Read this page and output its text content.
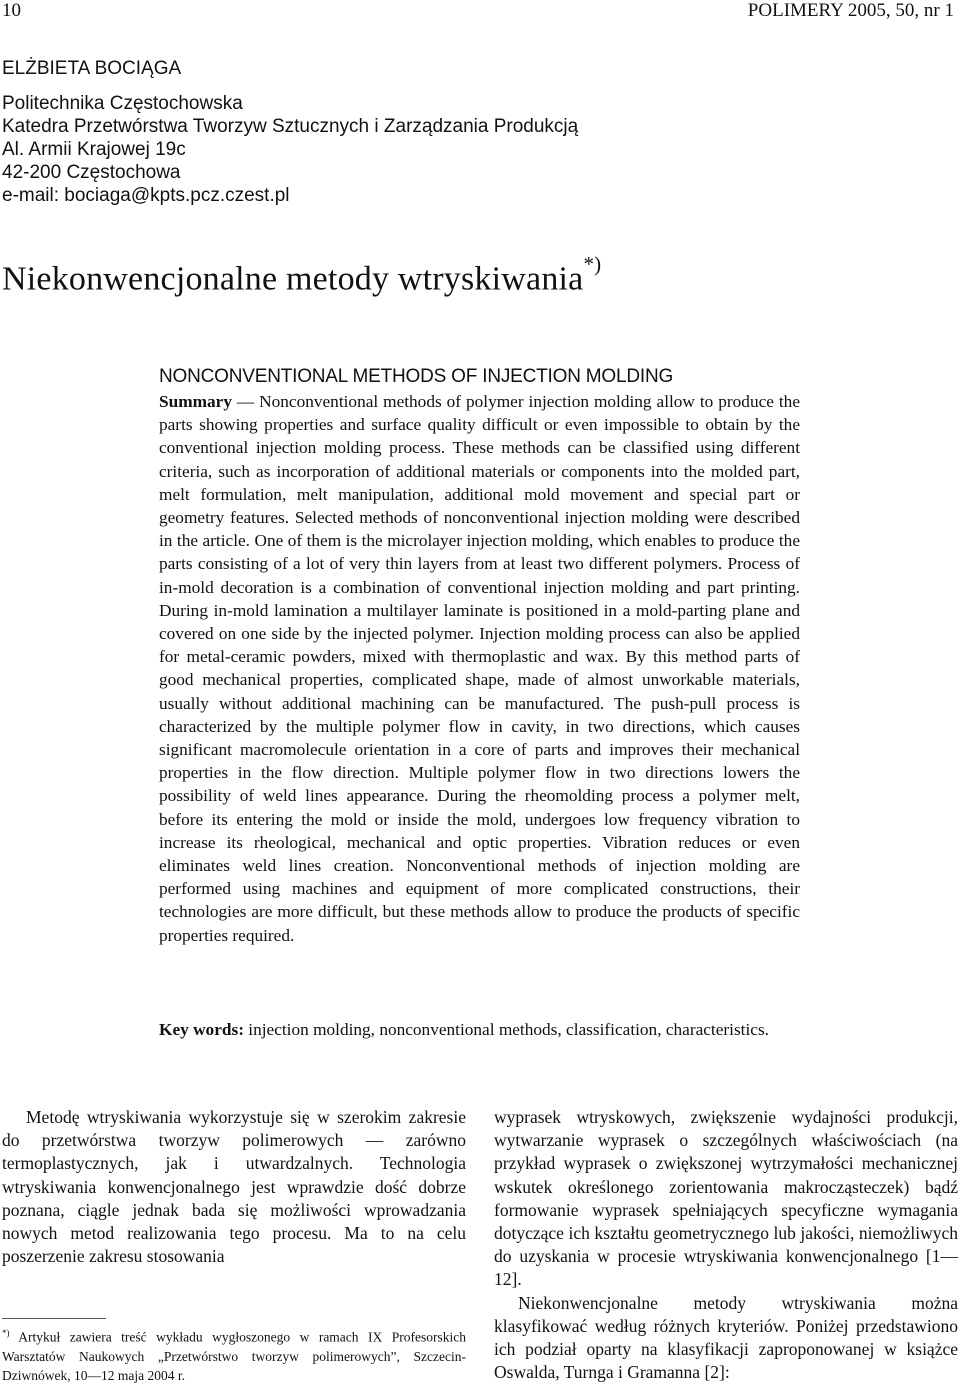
10	POLIMERY 2005, 50, nr 1
ELŻBIETA BOCIĄGA
Politechnika Częstochowska
Katedra Przetwórstwa Tworzyw Sztucznych i Zarządzania Produkcją
Al. Armii Krajowej 19c
42-200 Częstochowa
e-mail: bociaga@kpts.pcz.czest.pl
Niekonwencjonalne metody wtryskiwania*)
NONCONVENTIONAL METHODS OF INJECTION MOLDING

Summary — Nonconventional methods of polymer injection molding allow to produce the parts showing properties and surface quality difficult or even impossible to obtain by the conventional injection molding process. These methods can be classified using different criteria, such as incorporation of additional materials or components into the molded part, melt formulation, melt manipulation, additional mold movement and special part or geometry features. Selected methods of nonconventional injection molding were described in the article. One of them is the microlayer injection molding, which enables to produce the parts consisting of a lot of very thin layers from at least two different polymers. Process of in-mold decoration is a combination of conventional injection molding and part printing. During in-mold lamination a multilayer laminate is positioned in a mold-parting plane and covered on one side by the injected polymer. Injection molding process can also be applied for metal-ceramic powders, mixed with thermoplastic and wax. By this method parts of good mechanical properties, complicated shape, made of almost unworkable materials, usually without additional machining can be manufactured. The push-pull process is characterized by the multiple polymer flow in cavity, in two directions, which causes significant macromolecule orientation in a core of parts and improves their mechanical properties in the flow direction. Multiple polymer flow in two directions lowers the possibility of weld lines appearance. During the rheomolding process a polymer melt, before its entering the mold or inside the mold, undergoes low frequency vibration to increase its rheological, mechanical and optic properties. Vibration reduces or even eliminates weld lines creation. Nonconventional methods of injection molding are performed using machines and equipment of more complicated constructions, their technologies are more difficult, but these methods allow to produce the products of specific properties required.

Key words: injection molding, nonconventional methods, classification, characteristics.

Metodę wtryskiwania wykorzystuje się w szerokim zakresie do przetwórstwa tworzyw polimerowych — zarówno termoplastycznych, jak i utwardzalnych. Technologia wtryskiwania konwencjonalnego jest wprawdzie dość dobrze poznana, ciągle jednak bada się możliwości wprowadzania nowych metod realizowania tego procesu. Ma to na celu poszerzenie zakresu stosowania

*) Artykuł zawiera treść wykładu wygłoszonego w ramach IX Profesorskich Warsztatów Naukowych „Przetwórstwo tworzyw polimerowych”, Szczecin-Dziwnówek, 10—12 maja 2004 r.

wyprasek wtryskowych, zwiększenie wydajności produkcji, wytwarzanie wyprasek o szczególnych właściwościach (na przykład wyprasek o zwiększonej wytrzymałości mechanicznej wskutek określonego zorientowania makrocząsteczek) bądź formowanie wyprasek spełniających specyficzne wymagania dotyczące ich kształtu geometrycznego lub jakości, niemożliwych do uzyskania w procesie wtryskiwania konwencjonalnego [1—12].

Niekonwencjonalne metody wtryskiwania można klasyfikować według różnych kryteriów. Poniżej przedstawiono ich podział oparty na klasyfikacji zaproponowanej w książce Oswalda, Turnga i Gramanna [2]:
